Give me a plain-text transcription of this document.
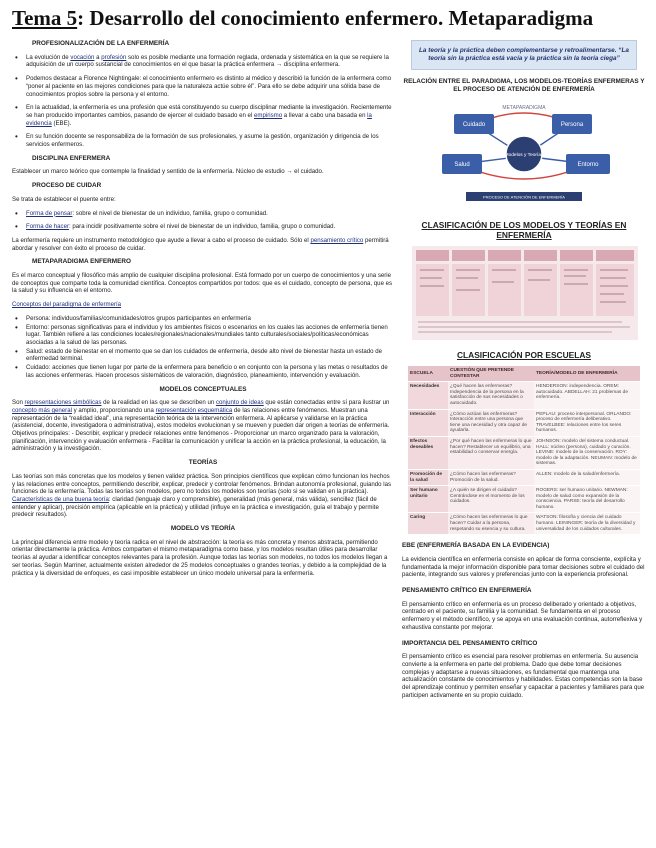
Tema 5: Desarrollo del conocimiento enfermero. Metaparadigma
PROFESIONALIZACIÓN DE LA ENFERMERÍA
• La evolución de vocación a profesión solo es posible mediante una formación reglada, ordenada y sistemática en la que se requiere la adquisición de un cuerpo sustancial de conocimientos en el que basar la práctica enfermera → disciplina enfermera.
• Podemos destacar a Florence Nightingale: el conocimiento enfermero es distinto al médico y describió la función de la enfermera como “poner al paciente en las mejores condiciones para que la naturaleza actúe sobre él”. Para ello se debe adquirir una sólida base de conocimientos propios sobre la persona y el entorno.
• En la actualidad, la enfermería es una profesión que está constituyendo su cuerpo disciplinar mediante la investigación. Recientemente se han producido importantes cambios, pasando de ejercer el cuidado basado en el empirismo a llevar a cabo una basada en la evidencia (EBE).
• En su función docente se responsabiliza de la formación de sus profesionales, y asume la gestión, organización y dirigencia de los servicios enfermeros.
DISCIPLINA ENFERMERA

Establecer un marco teórico que contemple la finalidad y sentido de la enfermería. Núcleo de estudio → el cuidado.

PROCESO DE CUIDAR

Se trata de establecer el puente entre:

• Forma de pensar: sobre el nivel de bienestar de un individuo, familia, grupo o comunidad.
• Forma de hacer: para incidir positivamente sobre el nivel de bienestar de un individuo, familia, grupo o comunidad.

La enfermería requiere un instrumento metodológico que ayude a llevar a cabo el proceso de cuidado. Sólo el pensamiento crítico permitirá abordar y resolver con éxito el proceso de cuidar.

METAPARADIGMA ENFERMERO

Es el marco conceptual y filosófico más amplio de cualquier disciplina profesional. Está formado por un cuerpo de conocimientos y una serie de conceptos que comparte toda la comunidad científica. Conceptos compartidos por todos: que es el cuidado, concepto de persona, que es la salud y su influencia en el entorno.

Conceptos del paradigma de enfermería

• Persona: individuos/familias/comunidades/otros grupos participantes en enfermería
• Entorno: personas significativas para el individuo y los ambientes físicos o escenarios en los cuales las acciones de enfermería tienen lugar. También refiere a las condiciones locales/regionales/nacionales/mundiales tanto culturales/sociales/políticas/económicas asociadas a la salud de las personas.
• Salud: estado de bienestar en el momento que se dan los cuidados de enfermería, desde alto nivel de bienestar hasta un estado de enfermedad terminal.
• Cuidado: acciones que tienen lugar por parte de la enfermera para beneficio o en conjunto con la persona y las metas o resultados de las acciones enfermeras. Hacen procesos sistemáticos de valoración, diagnóstico, planeamiento, intervención y evaluación.
MODELOS CONCEPTUALES

Son representaciones simbólicas de la realidad en las que se describen un conjunto de ideas que están conectadas entre sí para ilustrar un concepto más general y amplio, proporcionando una representación esquemática de las relaciones entre fenómenos. Muestran una representación de la “realidad ideal”, una representación teórica de la intervención enfermera. Al aplicarse y validarse en la práctica (asistencial, docente, investigadora o administrativa), estos modelos evolucionan y se mueven y pueden dar origen a teorías de enfermería.

Objetivos principales: - Describir, explicar y predecir relaciones entre fenómenos - Proporcionar un marco organizado para la valoración, planificación, intervención y evaluación enfermera - Facilitar la comunicación y unificar la acción en la práctica profesional, la educación, la administración y la investigación.

TEORÍAS

Las teorías son más concretas que los modelos y tienen validez práctica. Son principios científicos que explican cómo funcionan los hechos y las relaciones entre conceptos, permitiendo describir, explicar, predecir y controlar fenómenos. Brindan autonomía profesional, guiando las funciones de la enfermería. Todas las teorías son modelos, pero no todos los modelos son teorías (solo si se validan en la práctica). Características de una buena teoría: claridad (lenguaje claro y comprensible), generalidad (más general, más válida), sencillez (fácil de entender y aplicar), precisión empírica (aplicable en la práctica) y utilidad (influye en la práctica e investigación, guía el trabajo y permite predecir resultados).

MODELO VS TEORÍA

La principal diferencia entre modelo y teoría radica en el nivel de abstracción: la teoría es más concreta y menos abstracta, permitiendo orientar directamente la práctica. Ambos comparten el mismo metaparadigma como base, y los modelos resultan útiles para desarrollar teorías al ayudar a identificar conceptos relevantes para la profesión. Aunque todas las teorías son modelos, no todos los modelos llegan a ser teorías. Según Marriner, actualmente existen alrededor de 25 modelos conceptuales o grandes teorías, y debido a la complejidad de la práctica y la diversidad de enfoques, es casi imposible establecer un único modelo universal para la enfermería.

La teoría y la práctica deben complementarse y retroalimentarse. “La teoría sin la práctica está vacía y la práctica sin la teoría ciega”
RELACIÓN ENTRE EL PARADIGMA, LOS MODELOS-TEORÍAS ENFERMERAS Y EL PROCESO DE ATENCIÓN DE ENFERMERÍA
METAPARADIGMA
Cuidado	Persona
Salud	Entorno
Modelos y Teorías
PROCESO DE ATENCIÓN DE ENFERMERÍA
CLASIFICACIÓN DE LOS MODELOS Y TEORÍAS EN ENFERMERÍA
CLASIFICACIÓN POR ESCUELAS
ESCUELA	CUESTIÓN QUE PRETENDE CONTESTAR	TEORÍA/MODELO DE ENFERMERÍA
Necesidades	¿Qué hacen las enfermeras? Independencia de la persona en la satisfacción de sus necesidades o autocuidado.	HENDERSON: independencia. OREM: autocuidado. ABDELLAH: 21 problemas de enfermería.
Interacción	¿Cómo actúan las enfermeras? Interacción entre una persona que tiene una necesidad y otra capaz de ayudarla.	PEPLAU: proceso interpersonal. ORLANDO: proceso de enfermería deliberativo. TRAVELBEE: relaciones entre los seres humanos.
Efectos deseables	¿Por qué hacen las enfermeras lo que hacen? Restablecer un equilibrio, una estabilidad o conservar energía.	JOHNSON: modelo del sistema conductual. HALL: núcleo (persona), cuidado y curación. LEVINE: modelo de la conservación. ROY: modelo de la adaptación. NEUMAN: modelo de sistemas.
Promoción de la salud	¿Cómo hacen las enfermeras? Promoción de la salud.	ALLEN: modelo de la salud/enfermería.
Ser humano unitario	¿A quién se dirigen el cuidado? Centrándose en el momento de los cuidados.	ROGERS: ser humano unitario. NEWMAN: modelo de salud como expansión de la consciencia. PARSE: teoría del desarrollo humano.
Caring	¿Cómo hacen las enfermeras lo que hacen? Cuidar a la persona, respetando su esencia y su cultura.	WATSON: filosofía y ciencia del cuidado humano. LEININGER: teoría de la diversidad y universalidad de los cuidados culturales.
EBE (ENFERMERÍA BASADA EN LA EVIDENCIA)

La evidencia científica en enfermería consiste en aplicar de forma consciente, explícita y fundamentada la mejor información disponible para tomar decisiones sobre el cuidado del paciente, integrando sus valores y preferencias junto con la experiencia profesional.

PENSAMIENTO CRÍTICO EN ENFERMERÍA

El pensamiento crítico en enfermería es un proceso deliberado y orientado a objetivos, centrado en el paciente, su familia y la comunidad. Se fundamenta en el proceso enfermero y el método científico, y se apoya en una evaluación continua, autorreflexiva y exhaustiva constante por mejorar.

IMPORTANCIA DEL PENSAMIENTO CRÍTICO

El pensamiento crítico es esencial para resolver problemas en enfermería. Su ausencia convierte a la enfermera en parte del problema. Dado que debe tomar decisiones complejas y adaptarse a nuevas situaciones, es fundamental que mantenga una actualización constante de conocimientos y habilidades. Estas competencias son la base del aprendizaje continuo y permiten enseñar y capacitar a pacientes y familiares para que participen activamente en su propio cuidado.
